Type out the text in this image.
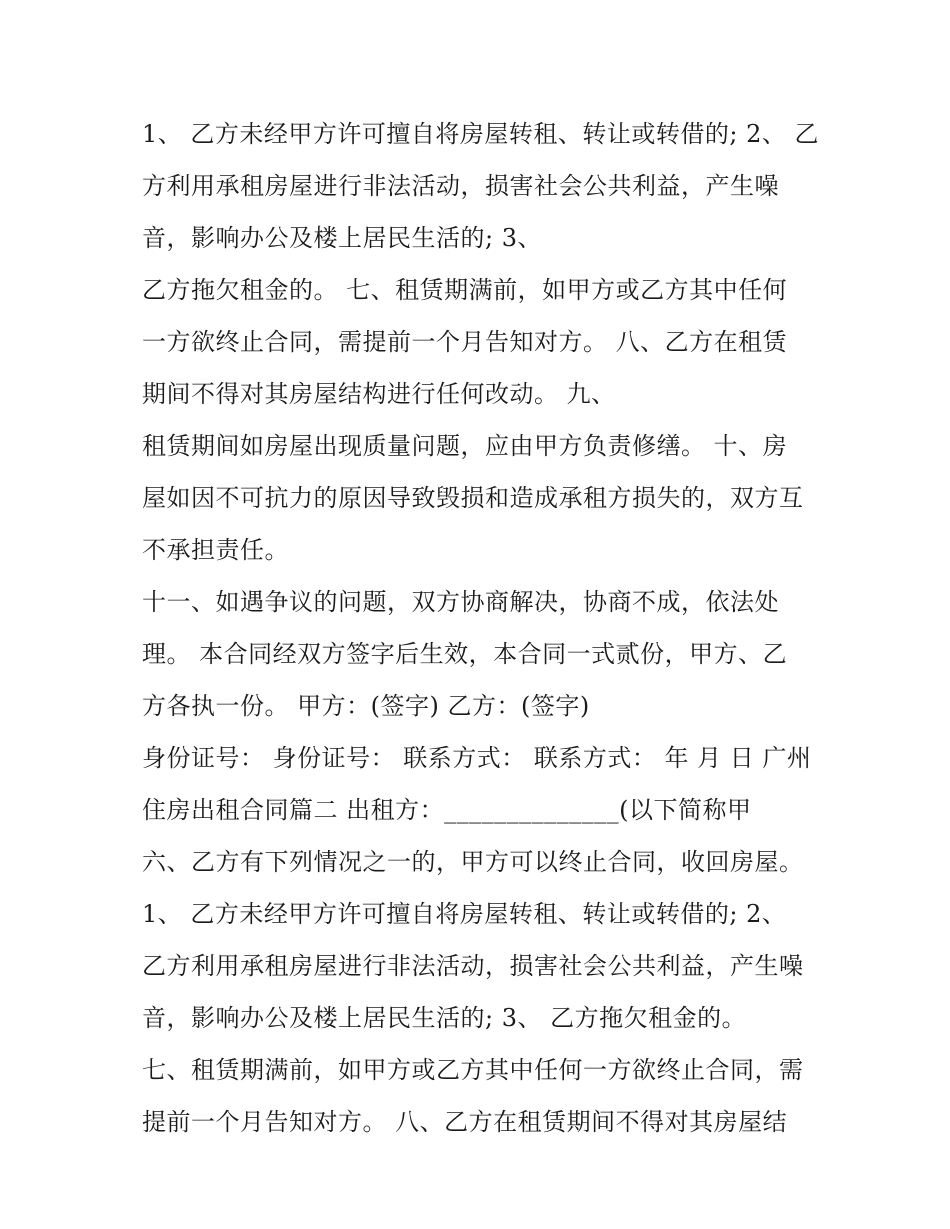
1、 乙方未经甲方许可擅自将房屋转租、转让或转借的; 2、 乙
方利用承租房屋进行非法活动，损害社会公共利益，产生噪
音，影响办公及楼上居民生活的; 3、
乙方拖欠租金的。 七、租赁期满前，如甲方或乙方其中任何
一方欲终止合同，需提前一个月告知对方。 八、乙方在租赁
期间不得对其房屋结构进行任何改动。 九、
租赁期间如房屋出现质量问题，应由甲方负责修缮。 十、房
屋如因不可抗力的原因导致毁损和造成承租方损失的，双方互
不承担责任。
十一、如遇争议的问题，双方协商解决，协商不成，依法处
理。 本合同经双方签字后生效，本合同一式贰份，甲方、乙
方各执一份。 甲方：(签字) 乙方：(签字)
身份证号： 身份证号： 联系方式： 联系方式： 年 月 日 广州
住房出租合同篇二 出租方：______________(以下简称甲
六、乙方有下列情况之一的，甲方可以终止合同，收回房屋。
1、 乙方未经甲方许可擅自将房屋转租、转让或转借的; 2、
乙方利用承租房屋进行非法活动，损害社会公共利益，产生噪
音，影响办公及楼上居民生活的; 3、 乙方拖欠租金的。
七、租赁期满前，如甲方或乙方其中任何一方欲终止合同，需
提前一个月告知对方。 八、乙方在租赁期间不得对其房屋结
